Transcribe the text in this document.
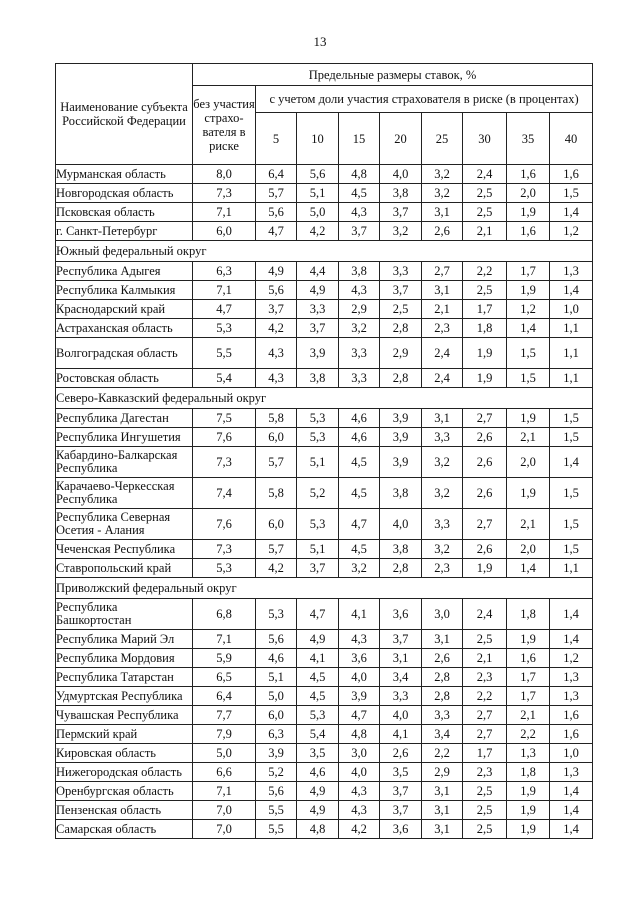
13
Наименование субъекта Российской Федерации	Предельные размеры ставок, %								
	без участия страхо-вателя в риске	с учетом доли участия страхователя в риске (в процентах)							
		5	10	15	20	25	30	35	40
Мурманская область	8,0	6,4	5,6	4,8	4,0	3,2	2,4	1,6	1,6
Новгородская область	7,3	5,7	5,1	4,5	3,8	3,2	2,5	2,0	1,5
Псковская область	7,1	5,6	5,0	4,3	3,7	3,1	2,5	1,9	1,4
г. Санкт-Петербург	6,0	4,7	4,2	3,7	3,2	2,6	2,1	1,6	1,2
Южный федеральный округ									
Республика Адыгея	6,3	4,9	4,4	3,8	3,3	2,7	2,2	1,7	1,3
Республика Калмыкия	7,1	5,6	4,9	4,3	3,7	3,1	2,5	1,9	1,4
Краснодарский край	4,7	3,7	3,3	2,9	2,5	2,1	1,7	1,2	1,0
Астраханская область	5,3	4,2	3,7	3,2	2,8	2,3	1,8	1,4	1,1
Волгоградская область	5,5	4,3	3,9	3,3	2,9	2,4	1,9	1,5	1,1
Ростовская область	5,4	4,3	3,8	3,3	2,8	2,4	1,9	1,5	1,1
Северо-Кавказский федеральный округ									
Республика Дагестан	7,5	5,8	5,3	4,6	3,9	3,1	2,7	1,9	1,5
Республика Ингушетия	7,6	6,0	5,3	4,6	3,9	3,3	2,6	2,1	1,5
Кабардино-Балкарская Республика	7,3	5,7	5,1	4,5	3,9	3,2	2,6	2,0	1,4
Карачаево-Черкесская Республика	7,4	5,8	5,2	4,5	3,8	3,2	2,6	1,9	1,5
Республика Северная Осетия - Алания	7,6	6,0	5,3	4,7	4,0	3,3	2,7	2,1	1,5
Чеченская Республика	7,3	5,7	5,1	4,5	3,8	3,2	2,6	2,0	1,5
Ставропольский край	5,3	4,2	3,7	3,2	2,8	2,3	1,9	1,4	1,1
Приволжский федеральный округ									
Республика Башкортостан	6,8	5,3	4,7	4,1	3,6	3,0	2,4	1,8	1,4
Республика Марий Эл	7,1	5,6	4,9	4,3	3,7	3,1	2,5	1,9	1,4
Республика Мордовия	5,9	4,6	4,1	3,6	3,1	2,6	2,1	1,6	1,2
Республика Татарстан	6,5	5,1	4,5	4,0	3,4	2,8	2,3	1,7	1,3
Удмуртская Республика	6,4	5,0	4,5	3,9	3,3	2,8	2,2	1,7	1,3
Чувашская Республика	7,7	6,0	5,3	4,7	4,0	3,3	2,7	2,1	1,6
Пермский край	7,9	6,3	5,4	4,8	4,1	3,4	2,7	2,2	1,6
Кировская область	5,0	3,9	3,5	3,0	2,6	2,2	1,7	1,3	1,0
Нижегородская область	6,6	5,2	4,6	4,0	3,5	2,9	2,3	1,8	1,3
Оренбургская область	7,1	5,6	4,9	4,3	3,7	3,1	2,5	1,9	1,4
Пензенская область	7,0	5,5	4,9	4,3	3,7	3,1	2,5	1,9	1,4
Самарская область	7,0	5,5	4,8	4,2	3,6	3,1	2,5	1,9	1,4
